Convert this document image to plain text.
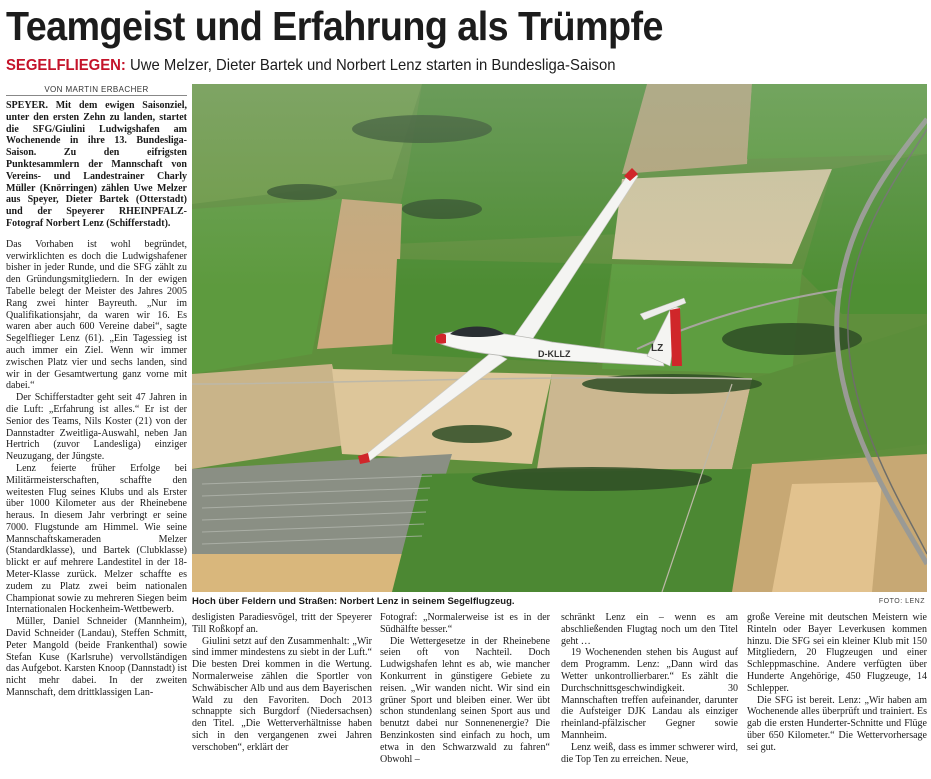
Teamgeist und Erfahrung als Trümpfe
SEGELFLIEGEN: Uwe Melzer, Dieter Bartek und Norbert Lenz starten in Bundesliga-Saison
VON MARTIN ERBACHER

SPEYER. Mit dem ewigen Saisonziel, unter den ersten Zehn zu landen, startet die SFG/Giulini Ludwigshafen am Wochenende in ihre 13. Bundesliga-Saison. Zu den eifrigsten Punktesammlern der Mannschaft von Vereins- und Landestrainer Charly Müller (Knörringen) zählen Uwe Melzer aus Speyer, Dieter Bartek (Otterstadt) und der Speyerer RHEINPFALZ-Fotograf Norbert Lenz (Schifferstadt).

Das Vorhaben ist wohl begründet, verwirklichten es doch die Ludwigshafener bisher in jeder Runde, und die SFG zählt zu den Gründungsmitgliedern. In der ewigen Tabelle belegt der Meister des Jahres 2005 Rang zwei hinter Bayreuth. „Nur im Qualifikationsjahr, da waren wir 16. Es waren aber auch 600 Vereine dabei“, sagte Segelflieger Lenz (61). „Ein Tagessieg ist auch immer ein Ziel. Wenn wir immer zwischen Platz vier und sechs landen, sind wir in der Gesamtwertung ganz vorne mit dabei.“

Der Schifferstadter geht seit 47 Jahren in die Luft: „Erfahrung ist alles.“ Er ist der Senior des Teams, Nils Koster (21) von der Dannstadter Zweitliga-Auswahl, neben Jan Hertrich (zuvor Landesliga) einziger Neuzugang, der Jüngste.

Lenz feierte früher Erfolge bei Militärmeisterschaften, schaffte den weitesten Flug seines Klubs und als Erster über 1000 Kilometer aus der Rheinebene heraus. In diesem Jahr verbringt er seine 7000. Flugstunde am Himmel. Wie seine Mannschaftskameraden Melzer (Standardklasse), und Bartek (Clubklasse) blickt er auf mehrere Landestitel in der 18-Meter-Klasse zurück. Melzer schaffte es zudem zu Platz zwei beim nationalen Championat sowie zu mehreren Siegen beim Internationalen Hockenheim-Wettbewerb.

Müller, Daniel Schneider (Mannheim), David Schneider (Landau), Steffen Schmitt, Peter Mangold (beide Frankenthal) sowie Stefan Kuse (Karlsruhe) vervollständigen das Aufgebot. Karsten Knoop (Dannstadt) ist nicht mehr dabei. In der zweiten Mannschaft, dem drittklassigen Lan-

D-KLLZ	LZ
Hoch über Feldern und Straßen: Norbert Lenz in seinem Segelflugzeug.	FOTO: LENZ

desligisten Paradiesvögel, tritt der Speyerer Till Roßkopf an.

Giulini setzt auf den Zusammenhalt: „Wir sind immer mindestens zu siebt in der Luft.“ Die besten Drei kommen in die Wertung. Normalerweise zählen die Sportler von Schwäbischer Alb und aus dem Bayerischen Wald zu den Favoriten. Doch 2013 schnappte sich Burgdorf (Niedersachsen) den Titel. „Die Wetterverhältnisse haben sich in den vergangenen zwei Jahren verschoben“, erklärt der

Fotograf: „Normalerweise ist es in der Südhälfte besser.“

Die Wettergesetze in der Rheinebene seien oft von Nachteil. Doch Ludwigshafen lehnt es ab, wie mancher Konkurrent in günstigere Gebiete zu reisen. „Wir wanden nicht. Wir sind ein grüner Sport und bleiben einer. Wer übt schon stundenlang seinen Sport aus und benutzt dabei nur Sonnenenergie? Die Benzinkosten sind einfach zu hoch, um etwa in den Schwarzwald zu fahren“ Obwohl –

schränkt Lenz ein – wenn es am abschließenden Flugtag noch um den Titel geht …

19 Wochenenden stehen bis August auf dem Programm. Lenz: „Dann wird das Wetter unkontrollierbarer.“ Es zählt die Durchschnittsgeschwindigkeit. 30 Mannschaften treffen aufeinander, darunter die Aufsteiger DJK Landau als einziger rheinland-pfälzischer Gegner sowie Mannheim.

Lenz weiß, dass es immer schwerer wird, die Top Ten zu erreichen. Neue,

große Vereine mit deutschen Meistern wie Rinteln oder Bayer Leverkusen kommen hinzu. Die SFG sei ein kleiner Klub mit 150 Mitgliedern, 20 Flugzeugen und einer Schleppmaschine. Andere verfügten über Hunderte Angehörige, 450 Flugzeuge, 14 Schlepper.

Die SFG ist bereit. Lenz: „Wir haben am Wochenende alles überprüft und trainiert. Es gab die ersten Hunderter-Schnitte und Flüge über 650 Kilometer.“ Die Wettervorhersage sei gut.
